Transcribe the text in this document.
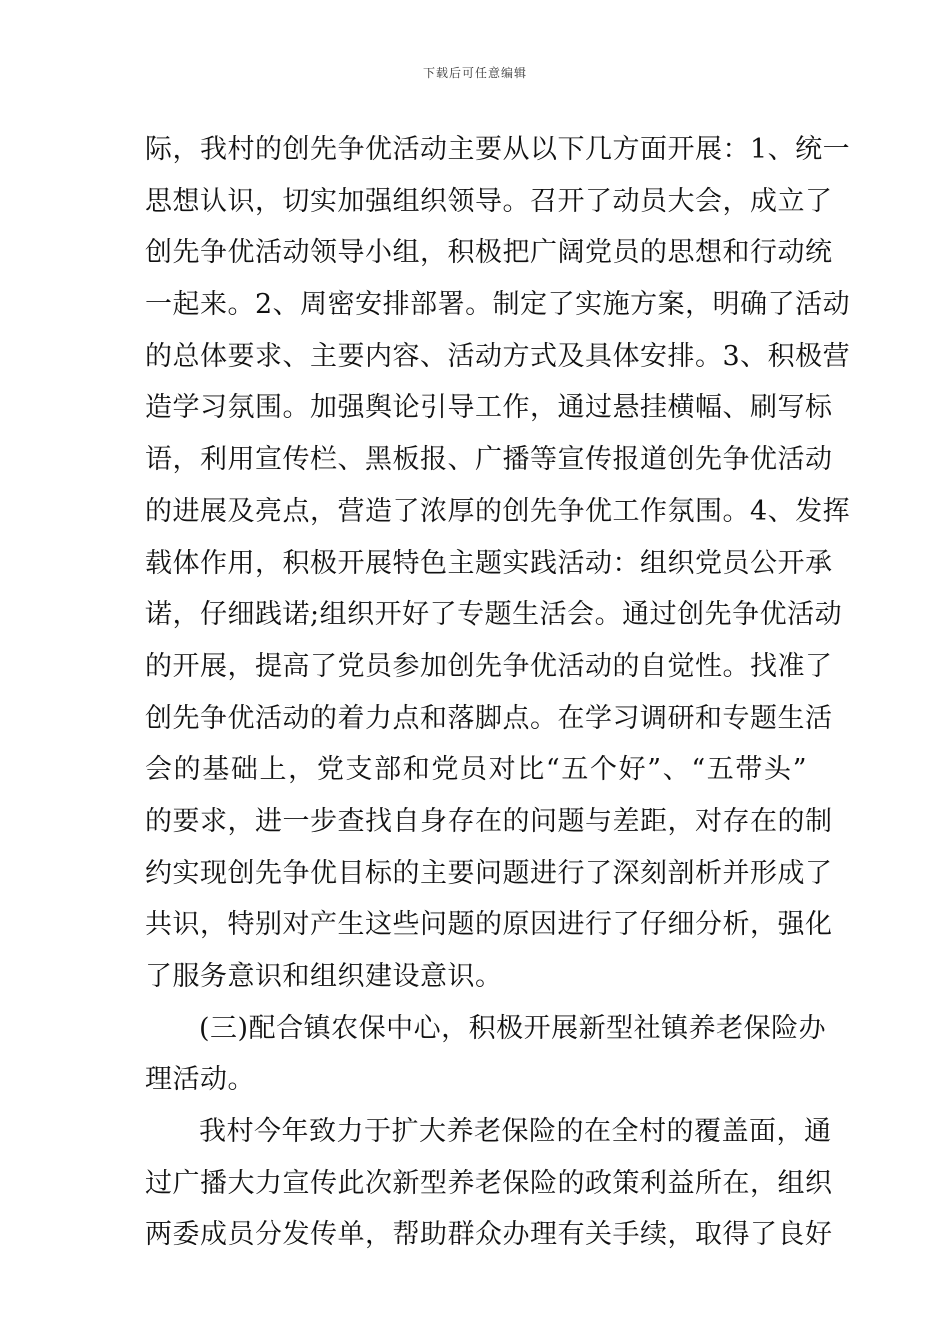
下载后可任意编辑
际，我村的创先争优活动主要从以下几方面开展：1、统一
思想认识，切实加强组织领导。召开了动员大会，成立了
创先争优活动领导小组，积极把广阔党员的思想和行动统
一起来。2、周密安排部署。制定了实施方案，明确了活动
的总体要求、主要内容、活动方式及具体安排。3、积极营
造学习氛围。加强舆论引导工作，通过悬挂横幅、刷写标
语，利用宣传栏、黑板报、广播等宣传报道创先争优活动
的进展及亮点，营造了浓厚的创先争优工作氛围。4、发挥
载体作用，积极开展特色主题实践活动：组织党员公开承
诺，仔细践诺;组织开好了专题生活会。通过创先争优活动
的开展，提高了党员参加创先争优活动的自觉性。找准了
创先争优活动的着力点和落脚点。在学习调研和专题生活
会的基础上，党支部和党员对比“五个好”、“五带头”
的要求，进一步查找自身存在的问题与差距，对存在的制
约实现创先争优目标的主要问题进行了深刻剖析并形成了
共识，特别对产生这些问题的原因进行了仔细分析，强化
了服务意识和组织建设意识。
(三)配合镇农保中心，积极开展新型社镇养老保险办
理活动。
我村今年致力于扩大养老保险的在全村的覆盖面，通
过广播大力宣传此次新型养老保险的政策利益所在，组织
两委成员分发传单，帮助群众办理有关手续，取得了良好
